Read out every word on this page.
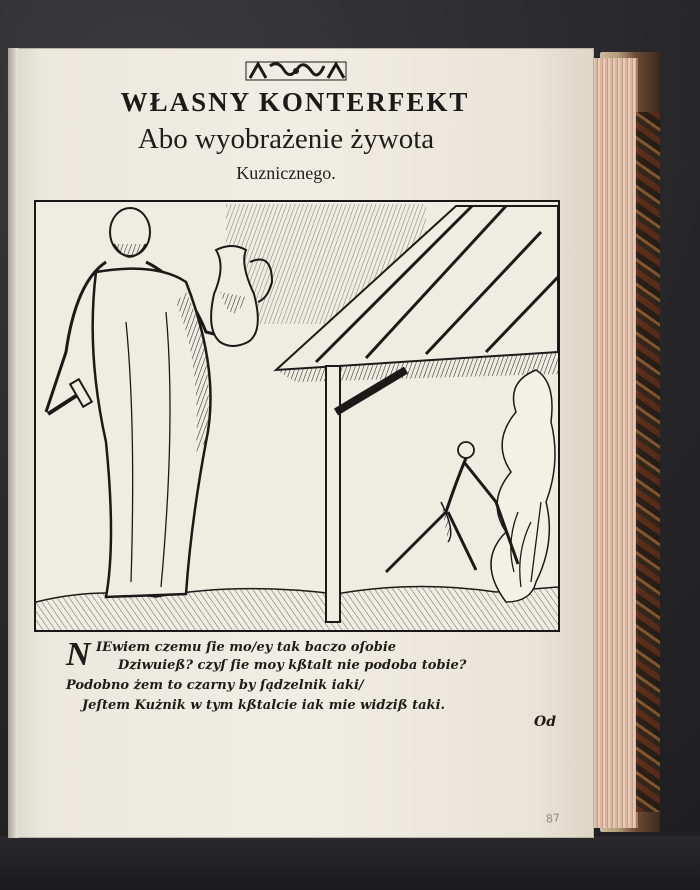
WŁASNY KONTERFEKT
Abo wyobrażenie żywota
Kuznicznego.
N IEwiem czemu ſie mo/ey tak baczo oſobie
Dziwuieß? czyſ ſie moy kßtalt nie podoba tobie?
Podobno żem to czarny by ſądzelnik iaki/
Jeſtem Kużnik w tym kßtalcie iak mie widziß taki.
Od
87
